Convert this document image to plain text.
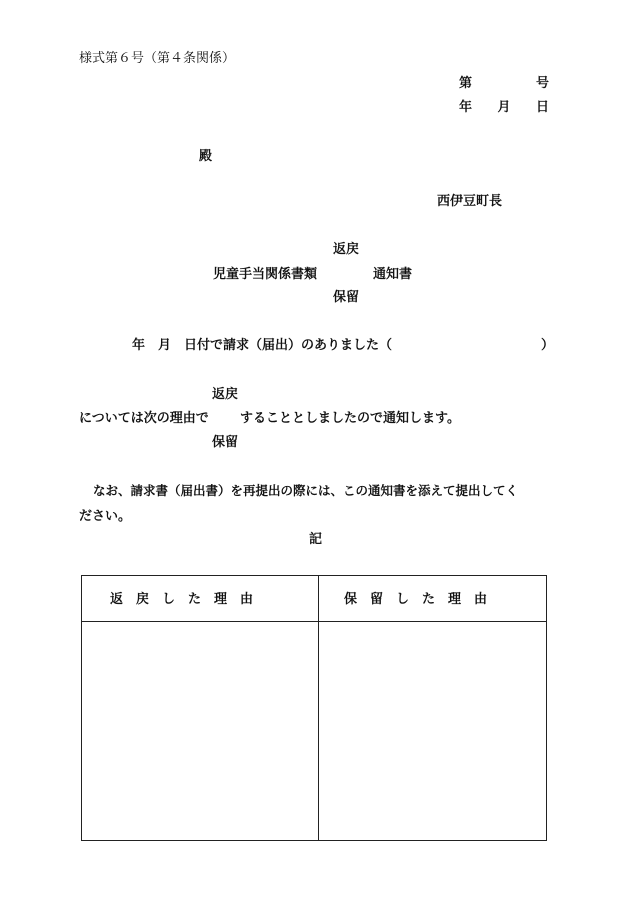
様式第６号（第４条関係）
第	号
年 月 日
殿
西伊豆町長
返戻
児童手当関係書類	通知書
保留
年　月　日付で請求（届出）のありました（	）
返戻
については次の理由で することとしましたので通知します。
保留
なお、請求書（届出書）を再提出の際には、この通知書を添えて提出してく
ださい。
記
返　戻　し　た　理　由	保　留　し　た　理　由
